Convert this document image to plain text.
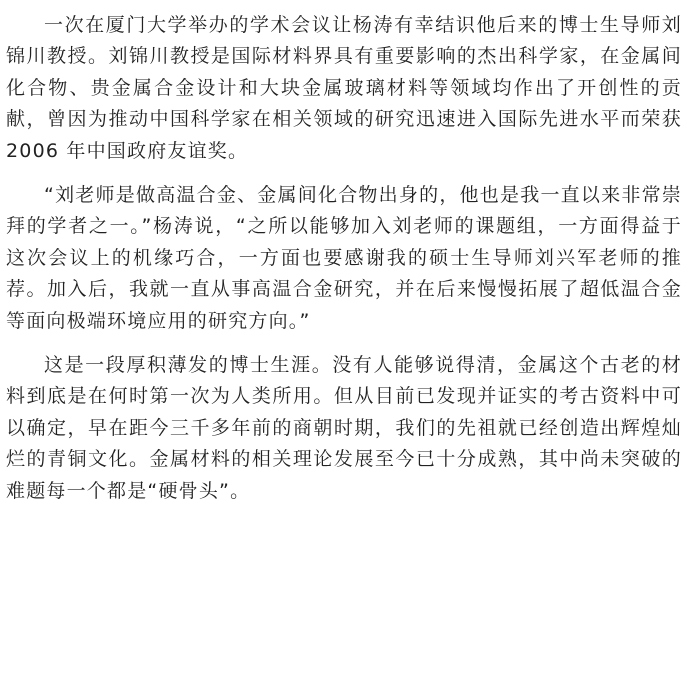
一次在厦门大学举办的学术会议让杨涛有幸结识他后来的博士生导师刘锦川教授。刘锦川教授是国际材料界具有重要影响的杰出科学家，在金属间化合物、贵金属合金设计和大块金属玻璃材料等领域均作出了开创性的贡献，曾因为推动中国科学家在相关领域的研究迅速进入国际先进水平而荣获 2006 年中国政府友谊奖。

“刘老师是做高温合金、金属间化合物出身的，他也是我一直以来非常崇拜的学者之一。”杨涛说，“之所以能够加入刘老师的课题组，一方面得益于这次会议上的机缘巧合，一方面也要感谢我的硕士生导师刘兴军老师的推荐。加入后，我就一直从事高温合金研究，并在后来慢慢拓展了超低温合金等面向极端环境应用的研究方向。”

这是一段厚积薄发的博士生涯。没有人能够说得清，金属这个古老的材料到底是在何时第一次为人类所用。但从目前已发现并证实的考古资料中可以确定，早在距今三千多年前的商朝时期，我们的先祖就已经创造出辉煌灿烂的青铜文化。金属材料的相关理论发展至今已十分成熟，其中尚未突破的难题每一个都是“硬骨头”。
